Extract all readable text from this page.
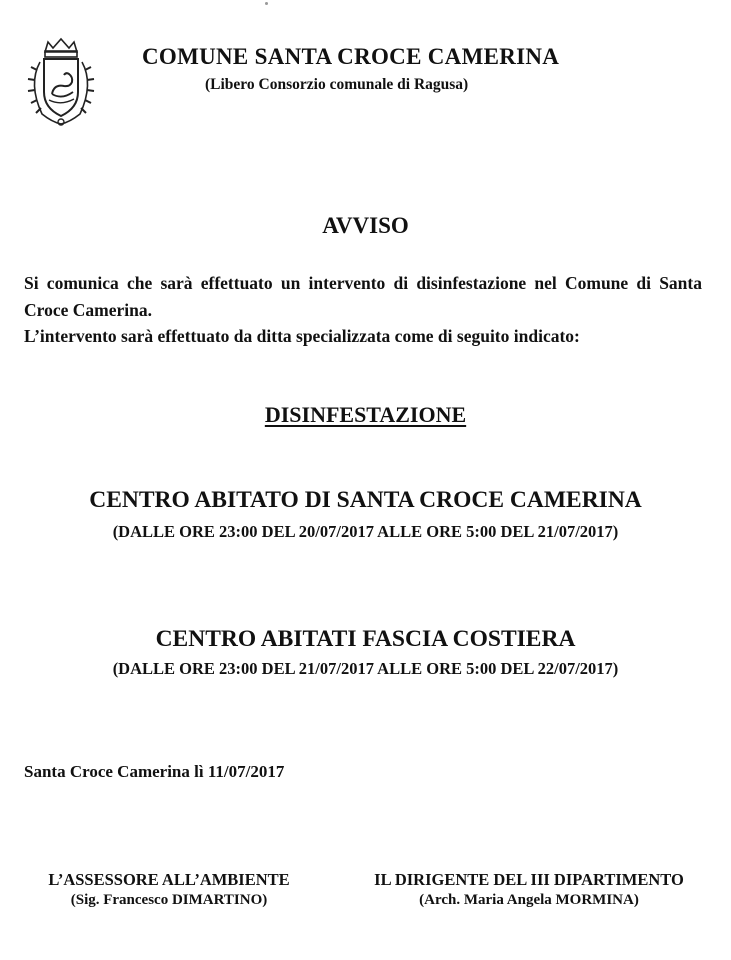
COMUNE SANTA CROCE CAMERINA
(Libero Consorzio comunale di Ragusa)
AVVISO

Si comunica che sarà effettuato un intervento di disinfestazione nel Comune di Santa Croce Camerina.

L’intervento sarà effettuato da ditta specializzata come di seguito indicato:

DISINFESTAZIONE
CENTRO ABITATO DI SANTA CROCE CAMERINA
(DALLE ORE 23:00 DEL 20/07/2017 ALLE ORE 5:00 DEL 21/07/2017)
CENTRO ABITATI FASCIA COSTIERA
(DALLE ORE 23:00 DEL 21/07/2017 ALLE ORE 5:00 DEL 22/07/2017)
Santa Croce Camerina lì 11/07/2017
L’ASSESSORE ALL’AMBIENTE
(Sig. Francesco DIMARTINO)
IL DIRIGENTE DEL III DIPARTIMENTO
(Arch. Maria Angela MORMINA)
